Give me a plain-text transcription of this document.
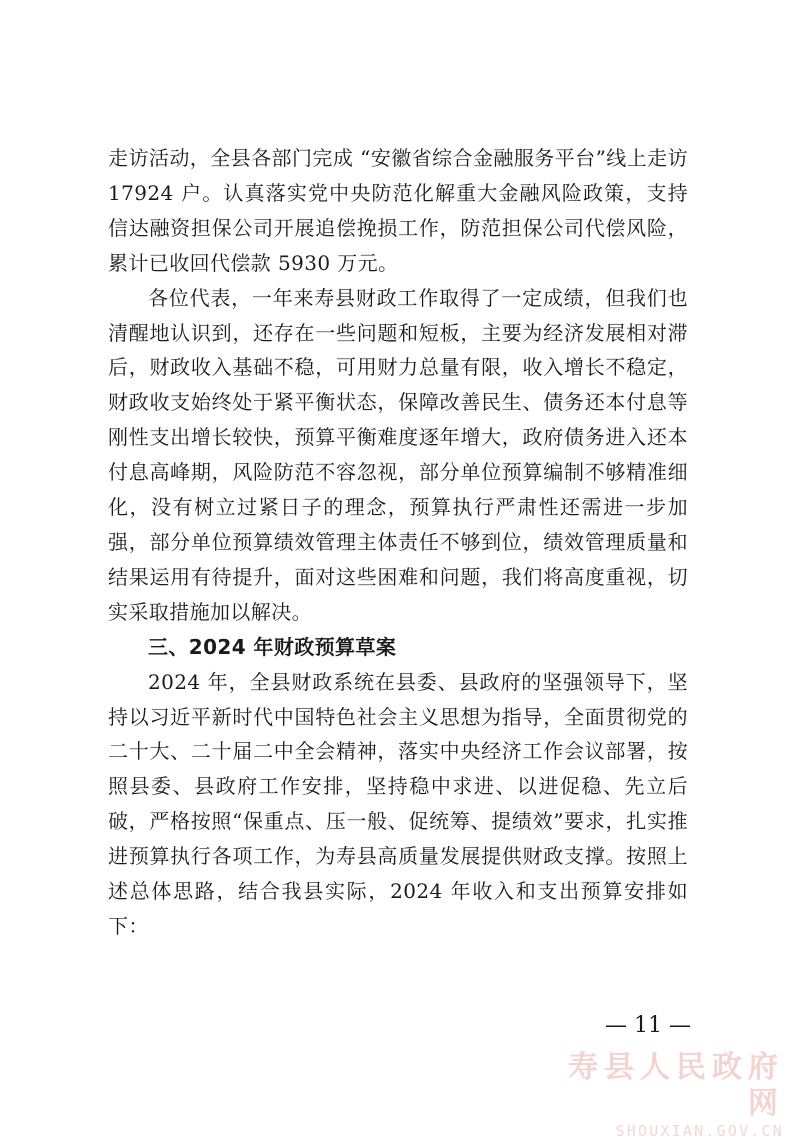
走访活动，全县各部门完成 “安徽省综合金融服务平台”线上走访 17924 户。认真落实党中央防范化解重大金融风险政策，支持信达融资担保公司开展追偿挽损工作，防范担保公司代偿风险，累计已收回代偿款 5930 万元。

各位代表，一年来寿县财政工作取得了一定成绩，但我们也清醒地认识到，还存在一些问题和短板，主要为经济发展相对滞后，财政收入基础不稳，可用财力总量有限，收入增长不稳定，财政收支始终处于紧平衡状态，保障改善民生、债务还本付息等刚性支出增长较快，预算平衡难度逐年增大，政府债务进入还本付息高峰期，风险防范不容忽视，部分单位预算编制不够精准细化，没有树立过紧日子的理念，预算执行严肃性还需进一步加强，部分单位预算绩效管理主体责任不够到位，绩效管理质量和结果运用有待提升，面对这些困难和问题，我们将高度重视，切实采取措施加以解决。

三、2024 年财政预算草案

2024 年，全县财政系统在县委、县政府的坚强领导下，坚持以习近平新时代中国特色社会主义思想为指导，全面贯彻党的二十大、二十届二中全会精神，落实中央经济工作会议部署，按照县委、县政府工作安排，坚持稳中求进、以进促稳、先立后破，严格按照“保重点、压一般、促统筹、提绩效”要求，扎实推进预算执行各项工作，为寿县高质量发展提供财政支撑。按照上述总体思路，结合我县实际，2024 年收入和支出预算安排如下：

— 11 —
寿县人民政府网
SHOUXIAN.GOV.CN
